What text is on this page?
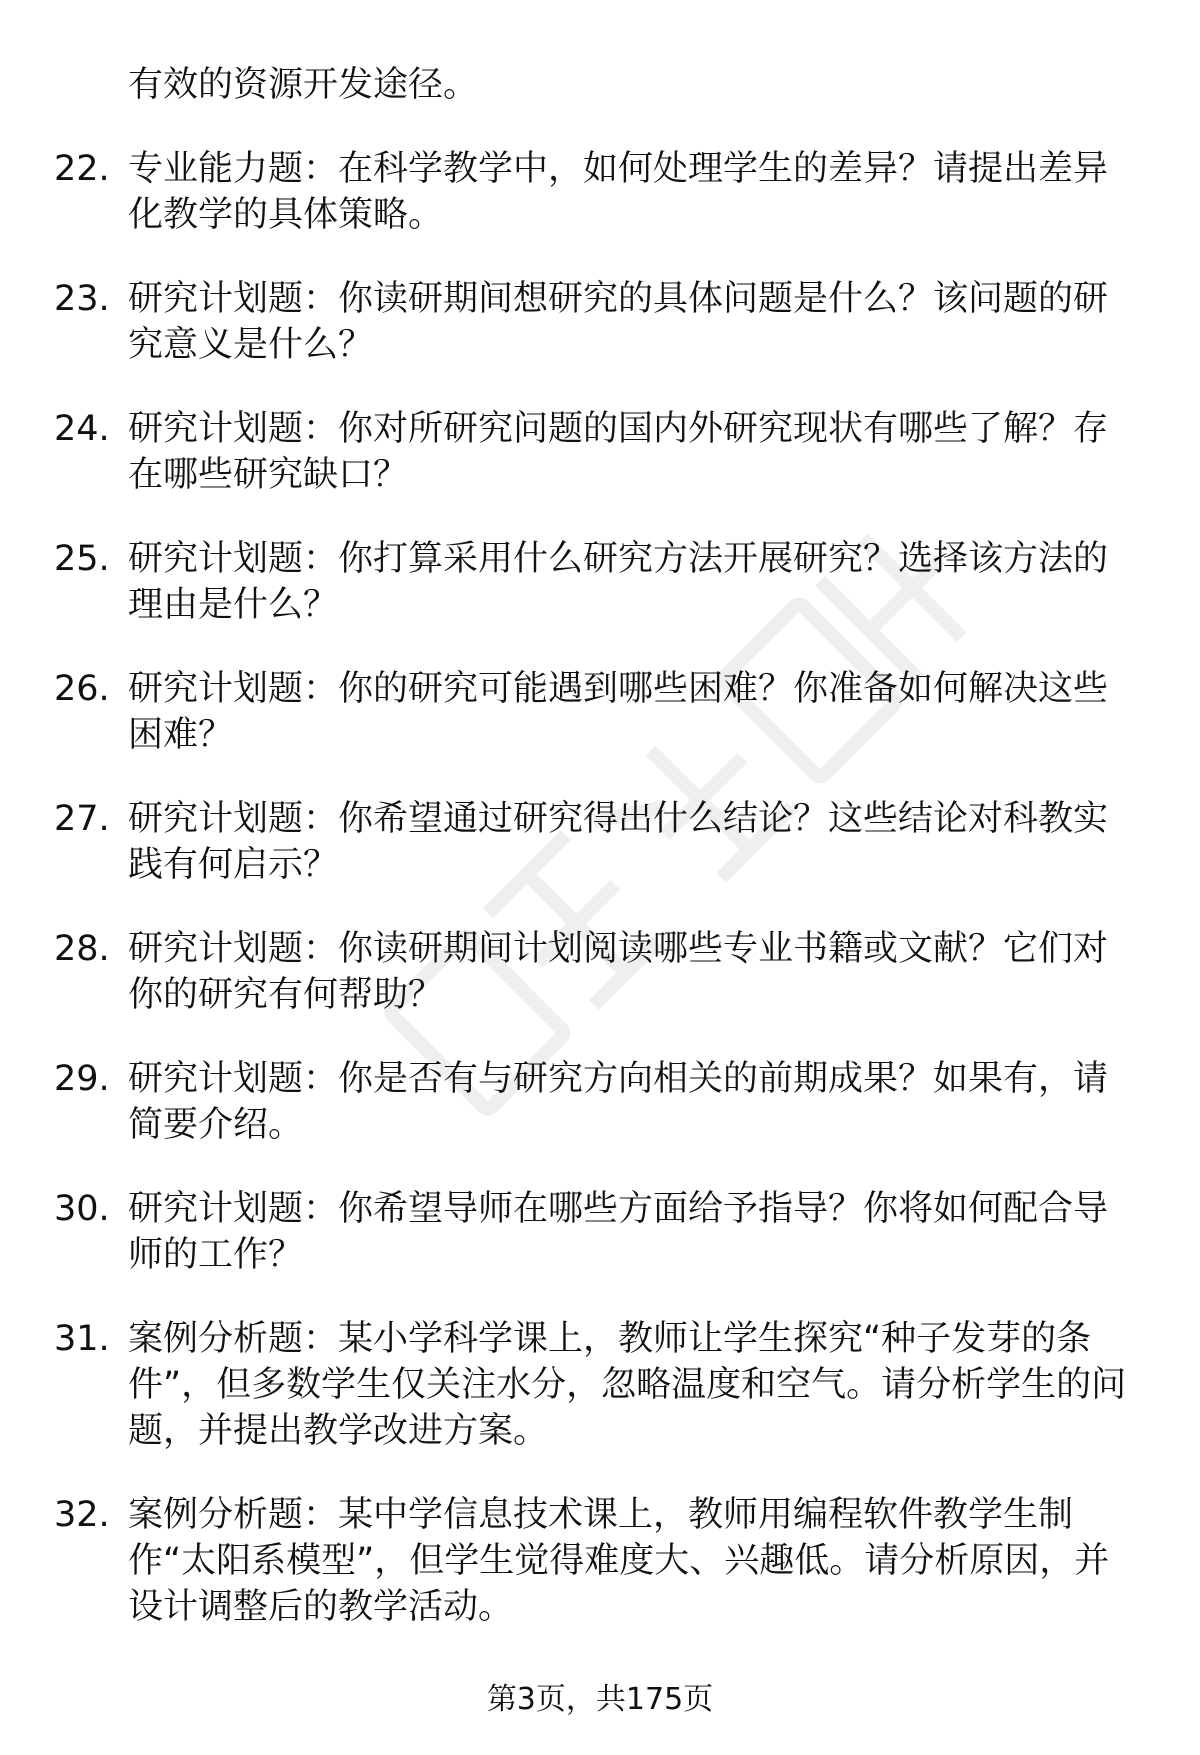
有效的资源开发途径。

22. 专业能力题：在科学教学中，如何处理学生的差异？请提出差异化教学的具体策略。

23. 研究计划题：你读研期间想研究的具体问题是什么？该问题的研究意义是什么？

24. 研究计划题：你对所研究问题的国内外研究现状有哪些了解？存在哪些研究缺口？

25. 研究计划题：你打算采用什么研究方法开展研究？选择该方法的理由是什么？

26. 研究计划题：你的研究可能遇到哪些困难？你准备如何解决这些困难？

27. 研究计划题：你希望通过研究得出什么结论？这些结论对科教实践有何启示？

28. 研究计划题：你读研期间计划阅读哪些专业书籍或文献？它们对你的研究有何帮助？

29. 研究计划题：你是否有与研究方向相关的前期成果？如果有，请简要介绍。

30. 研究计划题：你希望导师在哪些方面给予指导？你将如何配合导师的工作？

31. 案例分析题：某小学科学课上，教师让学生探究“种子发芽的条件”，但多数学生仅关注水分，忽略温度和空气。请分析学生的问题，并提出教学改进方案。

32. 案例分析题：某中学信息技术课上，教师用编程软件教学生制作“太阳系模型”，但学生觉得难度大、兴趣低。请分析原因，并设计调整后的教学活动。

第3页，共175页
